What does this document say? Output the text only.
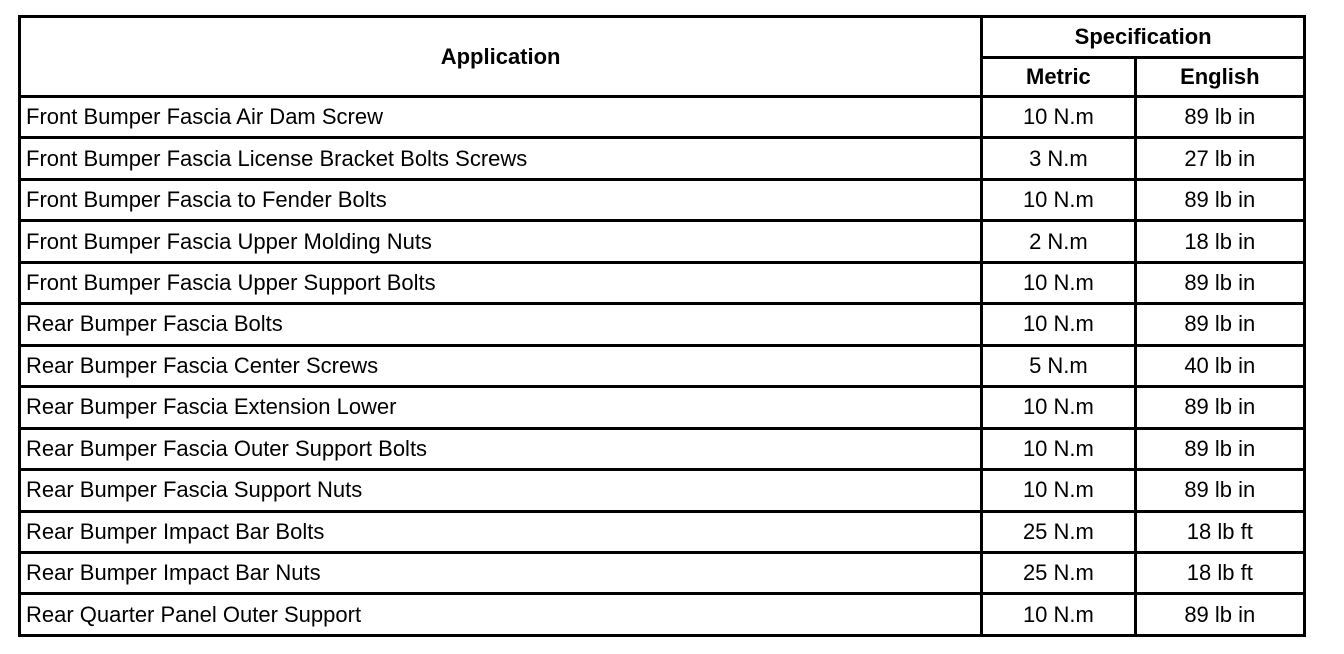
Application	Specification	
	Metric	English
Front Bumper Fascia Air Dam Screw	10 N.m	89 lb in
Front Bumper Fascia License Bracket Bolts Screws	3 N.m	27 lb in
Front Bumper Fascia to Fender Bolts	10 N.m	89 lb in
Front Bumper Fascia Upper Molding Nuts	2 N.m	18 lb in
Front Bumper Fascia Upper Support Bolts	10 N.m	89 lb in
Rear Bumper Fascia Bolts	10 N.m	89 lb in
Rear Bumper Fascia Center Screws	5 N.m	40 lb in
Rear Bumper Fascia Extension Lower	10 N.m	89 lb in
Rear Bumper Fascia Outer Support Bolts	10 N.m	89 lb in
Rear Bumper Fascia Support Nuts	10 N.m	89 lb in
Rear Bumper Impact Bar Bolts	25 N.m	18 lb ft
Rear Bumper Impact Bar Nuts	25 N.m	18 lb ft
Rear Quarter Panel Outer Support	10 N.m	89 lb in
